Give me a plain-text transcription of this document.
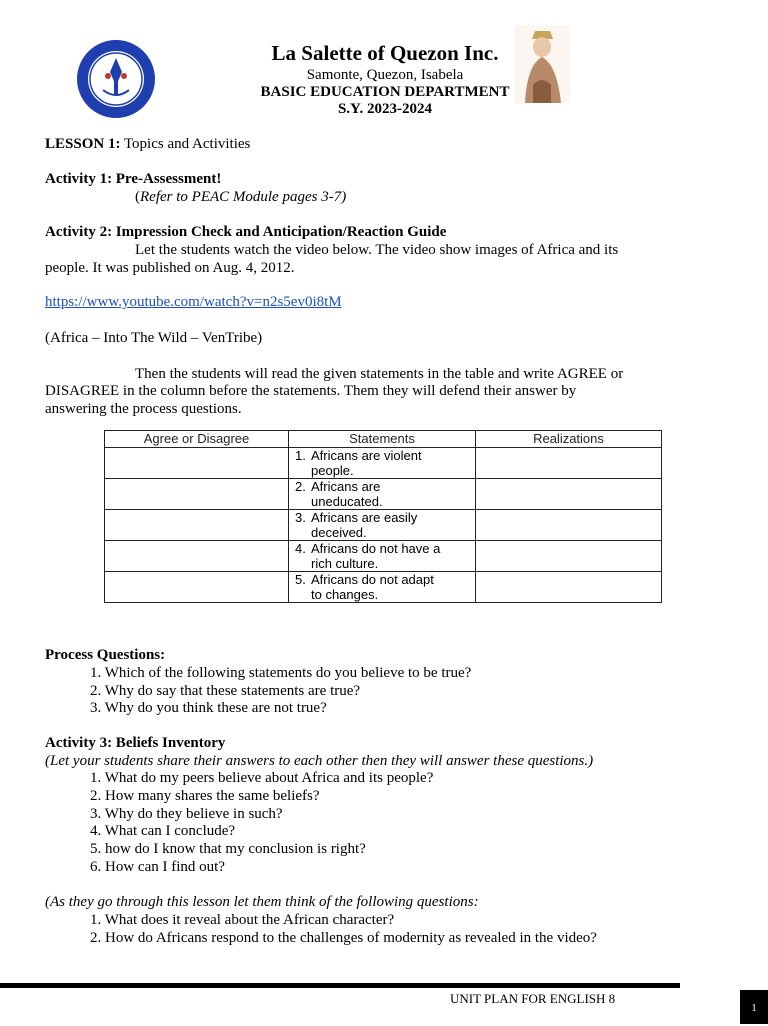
La Salette of Quezon Inc.
Samonte, Quezon, Isabela
BASIC EDUCATION DEPARTMENT
S.Y. 2023-2024
LESSON 1: Topics and Activities
Activity 1: Pre-Assessment!
(Refer to PEAC Module pages 3-7)
Activity 2: Impression Check and Anticipation/Reaction Guide
Let the students watch the video below. The video show images of Africa and its
people. It was published on Aug. 4, 2012.
https://www.youtube.com/watch?v=n2s5ev0i8tM
(Africa – Into The Wild – VenTribe)
Then the students will read the given statements in the table and write AGREE or
DISAGREE in the column before the statements. Them they will defend their answer by
answering the process questions.
Agree or Disagree	Statements	Realizations
	1. Africans are violent
people.	

	2. Africans are
uneducated.	

	3. Africans are easily
deceived.	

	4. Africans do not have a
rich culture.	

	5. Africans do not adapt
to changes.	

Process Questions:
1. Which of the following statements do you believe to be true?
2. Why do say that these statements are true?
3. Why do you think these are not true?
Activity 3: Beliefs Inventory
(Let your students share their answers to each other then they will answer these questions.)
1. What do my peers believe about Africa and its people?
2. How many shares the same beliefs?
3. Why do they believe in such?
4. What can I conclude?
5. how do I know that my conclusion is right?
6. How can I find out?
(As they go through this lesson let them think of the following questions:
1. What does it reveal about the African character?
2. How do Africans respond to the challenges of modernity as revealed in the video?
UNIT PLAN FOR ENGLISH 8
1
